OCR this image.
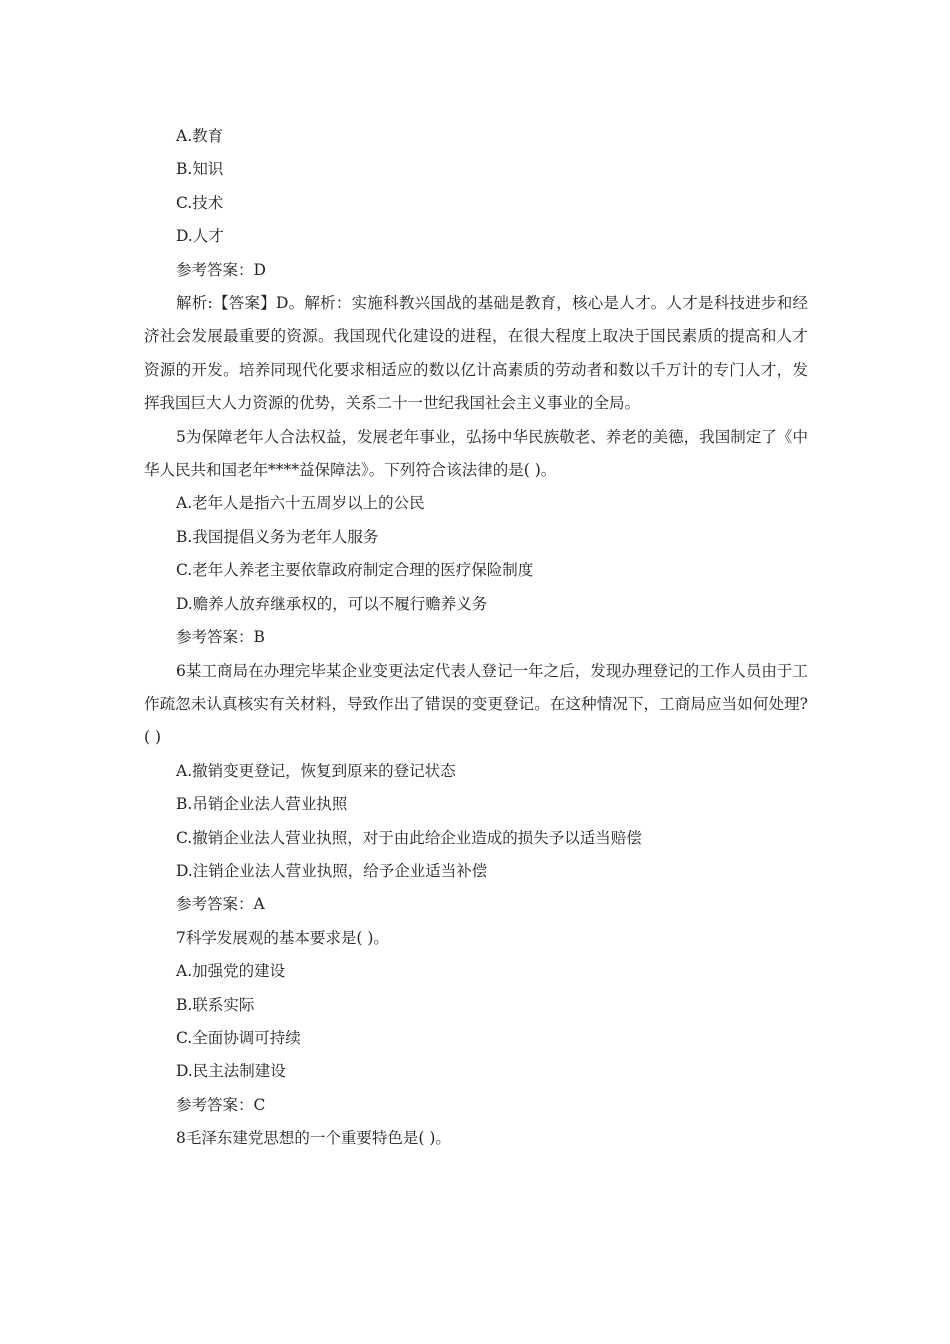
A.教育
B.知识
C.技术
D.人才
参考答案：D

解析:【答案】D。解析：实施科教兴国战的基础是教育，核心是人才。人才是科技进步和经济社会发展最重要的资源。我国现代化建设的进程，在很大程度上取决于国民素质的提高和人才资源的开发。培养同现代化要求相适应的数以亿计高素质的劳动者和数以千万计的专门人才，发挥我国巨大人力资源的优势，关系二十一世纪我国社会主义事业的全局。

5为保障老年人合法权益，发展老年事业，弘扬中华民族敬老、养老的美德，我国制定了《中华人民共和国老年****益保障法》。下列符合该法律的是( )。

A.老年人是指六十五周岁以上的公民
B.我国提倡义务为老年人服务
C.老年人养老主要依靠政府制定合理的医疗保险制度
D.赡养人放弃继承权的，可以不履行赡养义务
参考答案：B

6某工商局在办理完毕某企业变更法定代表人登记一年之后，发现办理登记的工作人员由于工作疏忽未认真核实有关材料，导致作出了错误的变更登记。在这种情况下，工商局应当如何处理?( )

A.撤销变更登记，恢复到原来的登记状态
B.吊销企业法人营业执照
C.撤销企业法人营业执照，对于由此给企业造成的损失予以适当赔偿
D.注销企业法人营业执照，给予企业适当补偿
参考答案：A
7科学发展观的基本要求是( )。
A.加强党的建设
B.联系实际
C.全面协调可持续
D.民主法制建设
参考答案：C
8毛泽东建党思想的一个重要特色是( )。
